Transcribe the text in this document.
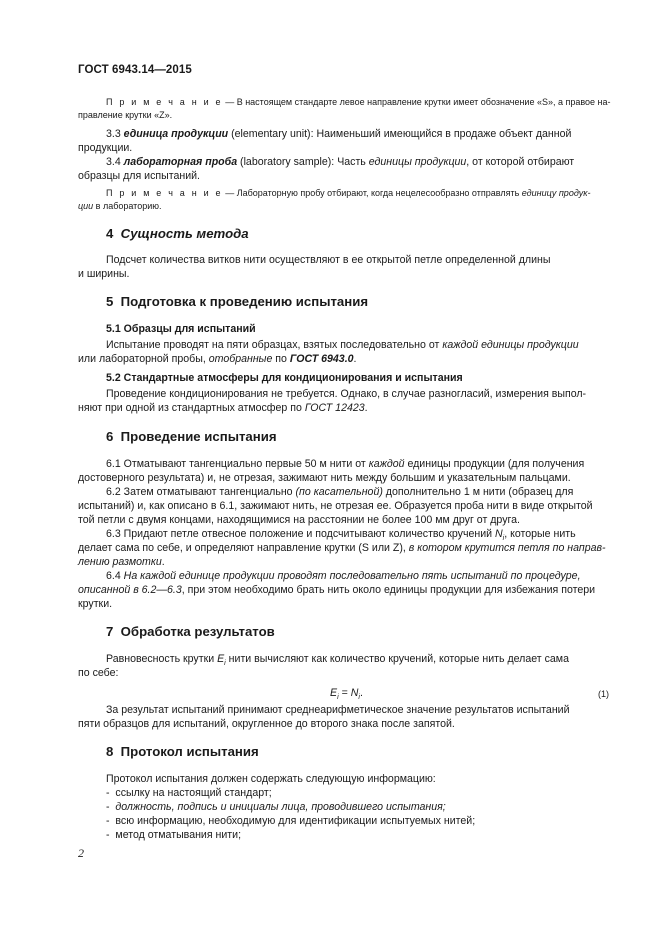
ГОСТ 6943.14—2015
П р и м е ч а н и е — В настоящем стандарте левое направление крутки имеет обозначение «S», а правое на-
правление крутки «Z».
3.3 единица продукции (elementary unit): Наименьший имеющийся в продаже объект данной
продукции.
3.4 лабораторная проба (laboratory sample): Часть единицы продукции, от которой отбирают
образцы для испытаний.
П р и м е ч а н и е — Лабораторную пробу отбирают, когда нецелесообразно отправлять единицу продук-
ции в лабораторию.
4 Сущность метода
Подсчет количества витков нити осуществляют в ее открытой петле определенной длины
и ширины.
5 Подготовка к проведению испытания
5.1 Образцы для испытаний
Испытание проводят на пяти образцах, взятых последовательно от каждой единицы продукции
или лабораторной пробы, отобранные по ГОСТ 6943.0.
5.2 Стандартные атмосферы для кондиционирования и испытания
Проведение кондиционирования не требуется. Однако, в случае разногласий, измерения выпол-
няют при одной из стандартных атмосфер по ГОСТ 12423.
6 Проведение испытания
6.1 Отматывают тангенциально первые 50 м нити от каждой единицы продукции (для получения
достоверного результата) и, не отрезая, зажимают нить между большим и указательным пальцами.
6.2 Затем отматывают тангенциально (по касательной) дополнительно 1 м нити (образец для
испытаний) и, как описано в 6.1, зажимают нить, не отрезая ее. Образуется проба нити в виде открытой
той петли с двумя концами, находящимися на расстоянии не более 100 мм друг от друга.
6.3 Придают петле отвесное положение и подсчитывают количество кручений $N_i$, которые нить
делает сама по себе, и определяют направление крутки (S или Z), в котором крутится петля по направ-
лению размотки.
6.4 На каждой единице продукции проводят последовательно пять испытаний по процедуре,
описанной в 6.2—6.3, при этом необходимо брать нить около единицы продукции для избежания потери
крутки.
7 Обработка результатов
Равновесность крутки $E_i$ нити вычисляют как количество кручений, которые нить делает сама
по себе:
$E_i = N_i$.	(1)
За результат испытаний принимают среднеарифметическое значение результатов испытаний
пяти образцов для испытаний, округленное до второго знака после запятой.
8 Протокол испытания
Протокол испытания должен содержать следующую информацию:
- ссылку на настоящий стандарт;
- должность, подпись и инициалы лица, проводившего испытания;
- всю информацию, необходимую для идентификации испытуемых нитей;
- метод отматывания нити;
2
